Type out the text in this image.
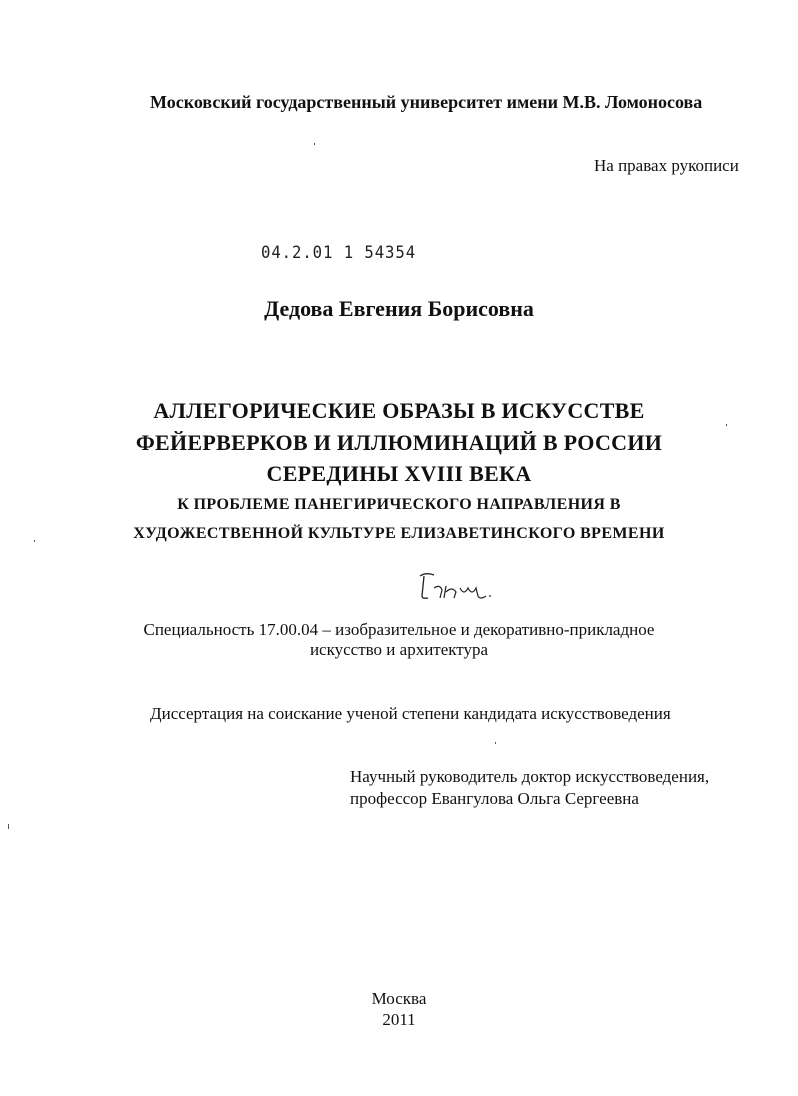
Московский государственный университет имени М.В. Ломоносова
На правах рукописи
04.2.01 1 54354
Дедова Евгения Борисовна
АЛЛЕГОРИЧЕСКИЕ ОБРАЗЫ В ИСКУССТВЕ
ФЕЙЕРВЕРКОВ И ИЛЛЮМИНАЦИЙ В РОССИИ
СЕРЕДИНЫ XVIII ВЕКА
К ПРОБЛЕМЕ ПАНЕГИРИЧЕСКОГО НАПРАВЛЕНИЯ В
ХУДОЖЕСТВЕННОЙ КУЛЬТУРЕ ЕЛИЗАВЕТИНСКОГО ВРЕМЕНИ
Специальность 17.00.04 – изобразительное и декоративно-прикладное
искусство и архитектура
Диссертация на соискание ученой степени кандидата искусствоведения
Научный руководитель доктор искусствоведения,
профессор Евангулова Ольга Сергеевна
Москва
2011
